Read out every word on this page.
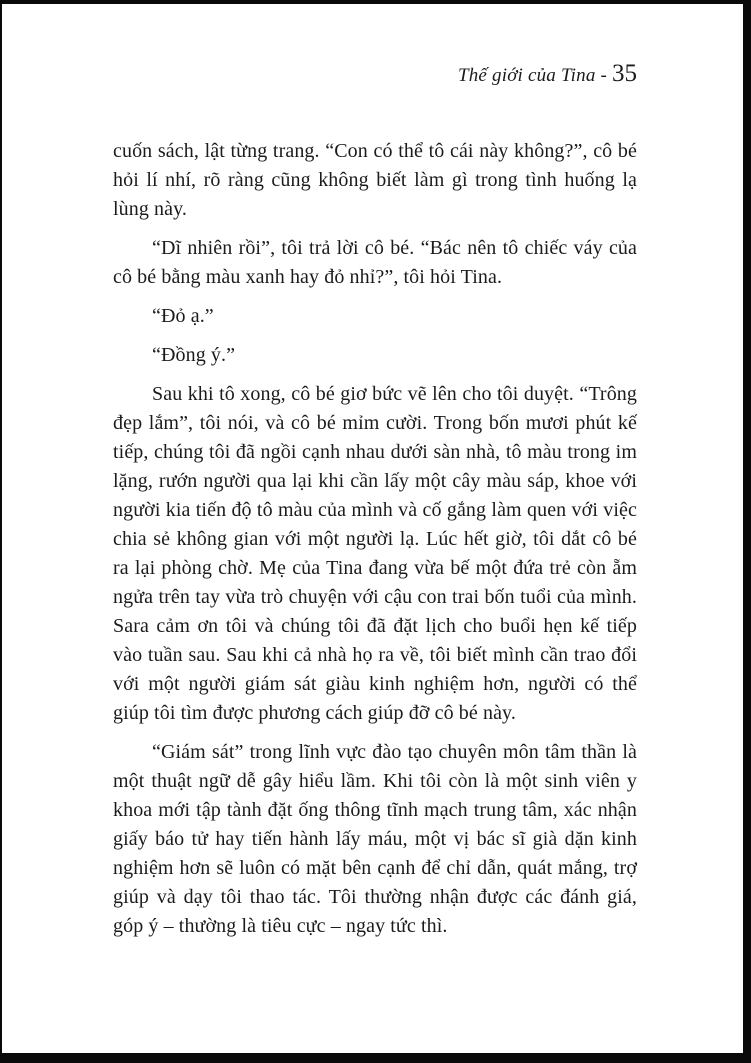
Thế giới của Tina - 35

cuốn sách, lật từng trang. “Con có thể tô cái này không?”, cô bé hỏi lí nhí, rõ ràng cũng không biết làm gì trong tình huống lạ lùng này.

“Dĩ nhiên rồi”, tôi trả lời cô bé. “Bác nên tô chiếc váy của cô bé bằng màu xanh hay đỏ nhỉ?”, tôi hỏi Tina.

“Đỏ ạ.”

“Đồng ý.”

Sau khi tô xong, cô bé giơ bức vẽ lên cho tôi duyệt. “Trông đẹp lắm”, tôi nói, và cô bé mỉm cười. Trong bốn mươi phút kế tiếp, chúng tôi đã ngồi cạnh nhau dưới sàn nhà, tô màu trong im lặng, rướn người qua lại khi cần lấy một cây màu sáp, khoe với người kia tiến độ tô màu của mình và cố gắng làm quen với việc chia sẻ không gian với một người lạ. Lúc hết giờ, tôi dắt cô bé ra lại phòng chờ. Mẹ của Tina đang vừa bế một đứa trẻ còn ẵm ngửa trên tay vừa trò chuyện với cậu con trai bốn tuổi của mình. Sara cảm ơn tôi và chúng tôi đã đặt lịch cho buổi hẹn kế tiếp vào tuần sau. Sau khi cả nhà họ ra về, tôi biết mình cần trao đổi với một người giám sát giàu kinh nghiệm hơn, người có thể giúp tôi tìm được phương cách giúp đỡ cô bé này.

“Giám sát” trong lĩnh vực đào tạo chuyên môn tâm thần là một thuật ngữ dễ gây hiểu lầm. Khi tôi còn là một sinh viên y khoa mới tập tành đặt ống thông tĩnh mạch trung tâm, xác nhận giấy báo tử hay tiến hành lấy máu, một vị bác sĩ già dặn kinh nghiệm hơn sẽ luôn có mặt bên cạnh để chỉ dẫn, quát mắng, trợ giúp và dạy tôi thao tác. Tôi thường nhận được các đánh giá, góp ý – thường là tiêu cực – ngay tức thì.
